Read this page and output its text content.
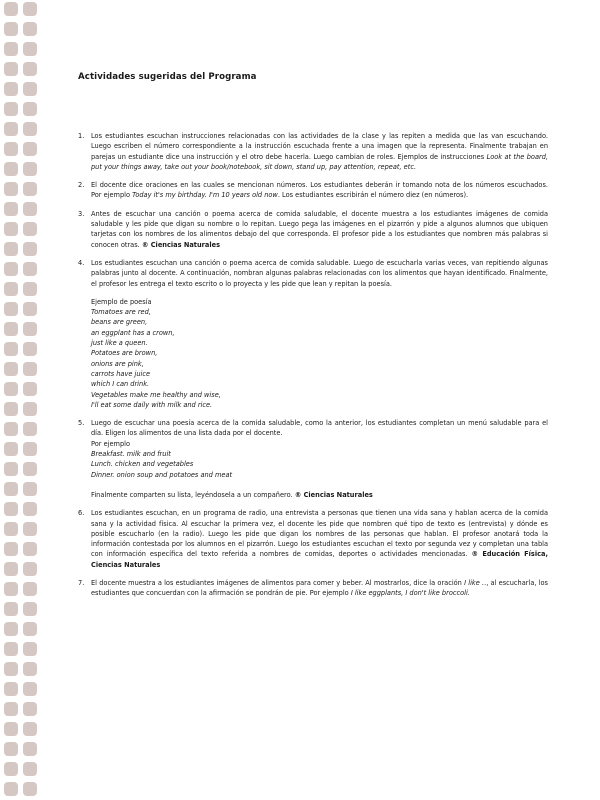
Actividades sugeridas del Programa
1. Los estudiantes escuchan instrucciones relacionadas con las actividades de la clase y las repiten a medida que las van escuchando. Luego escriben el número correspondiente a la instrucción escuchada frente a una imagen que la representa. Finalmente trabajan en parejas un estudiante dice una instrucción y el otro debe hacerla. Luego cambian de roles. Ejemplos de instrucciones Look at the board, put your things away, take out your book/notebook, sit down, stand up, pay attention, repeat, etc.
2. El docente dice oraciones en las cuales se mencionan números. Los estudiantes deberán ir tomando nota de los números escuchados. Por ejemplo Today it's my birthday. I'm 10 years old now. Los estudiantes escribirán el número diez (en números).
3. Antes de escuchar una canción o poema acerca de comida saludable, el docente muestra a los estudiantes imágenes de comida saludable y les pide que digan su nombre o lo repitan. Luego pega las imágenes en el pizarrón y pide a algunos alumnos que ubiquen tarjetas con los nombres de los alimentos debajo del que corresponda. El profesor pide a los estudiantes que nombren más palabras si conocen otras. ® Ciencias Naturales
4. Los estudiantes escuchan una canción o poema acerca de comida saludable. Luego de escucharla varias veces, van repitiendo algunas palabras junto al docente. A continuación, nombran algunas palabras relacionadas con los alimentos que hayan identificado. Finalmente, el profesor les entrega el texto escrito o lo proyecta y les pide que lean y repitan la poesía.
Ejemplo de poesía
Tomatoes are red,
beans are green,
an eggplant has a crown,
just like a queen.
Potatoes are brown,
onions are pink,
carrots have juice
which I can drink.
Vegetables make me healthy and wise,
I'll eat some daily with milk and rice.
5. Luego de escuchar una poesía acerca de la comida saludable, como la anterior, los estudiantes completan un menú saludable para el día. Eligen los alimentos de una lista dada por el docente.
Por ejemplo
Breakfast. milk and fruit
Lunch. chicken and vegetables
Dinner. onion soup and potatoes and meat
Finalmente comparten su lista, leyéndosela a un compañero. ® Ciencias Naturales
6. Los estudiantes escuchan, en un programa de radio, una entrevista a personas que tienen una vida sana y hablan acerca de la comida sana y la actividad física. Al escuchar la primera vez, el docente les pide que nombren qué tipo de texto es (entrevista) y dónde es posible escucharlo (en la radio). Luego les pide que digan los nombres de las personas que hablan. El profesor anotará toda la información contestada por los alumnos en el pizarrón. Luego los estudiantes escuchan el texto por segunda vez y completan una tabla con información específica del texto referida a nombres de comidas, deportes o actividades mencionadas. ® Educación Física, Ciencias Naturales
7. El docente muestra a los estudiantes imágenes de alimentos para comer y beber. Al mostrarlos, dice la oración I like .., al escucharla, los estudiantes que concuerdan con la afirmación se pondrán de pie. Por ejemplo I like eggplants, I don't like broccoli.
